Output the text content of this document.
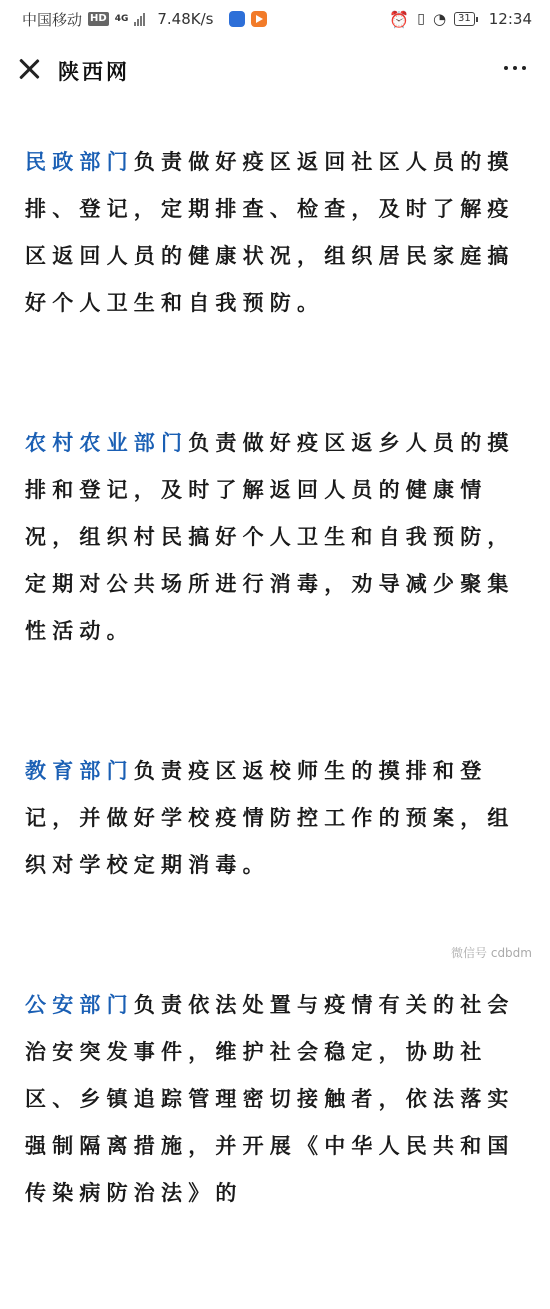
中国移动 HD 4G 7.48K/s	⏰ ▯ ◔	31 12:34
陕西网

民政部门负责做好疫区返回社区人员的摸排、登记，定期排查、检查，及时了解疫区返回人员的健康状况，组织居民家庭搞好个人卫生和自我预防。

农村农业部门负责做好疫区返乡人员的摸排和登记，及时了解返回人员的健康情况，组织村民搞好个人卫生和自我预防，定期对公共场所进行消毒，劝导减少聚集性活动。

教育部门负责疫区返校师生的摸排和登记，并做好学校疫情防控工作的预案，组织对学校定期消毒。

公安部门负责依法处置与疫情有关的社会治安突发事件，维护社会稳定，协助社区、乡镇追踪管理密切接触者，依法落实强制隔离措施，并开展《中华人民共和国传染病防治法》的

微信号 cdbdm
